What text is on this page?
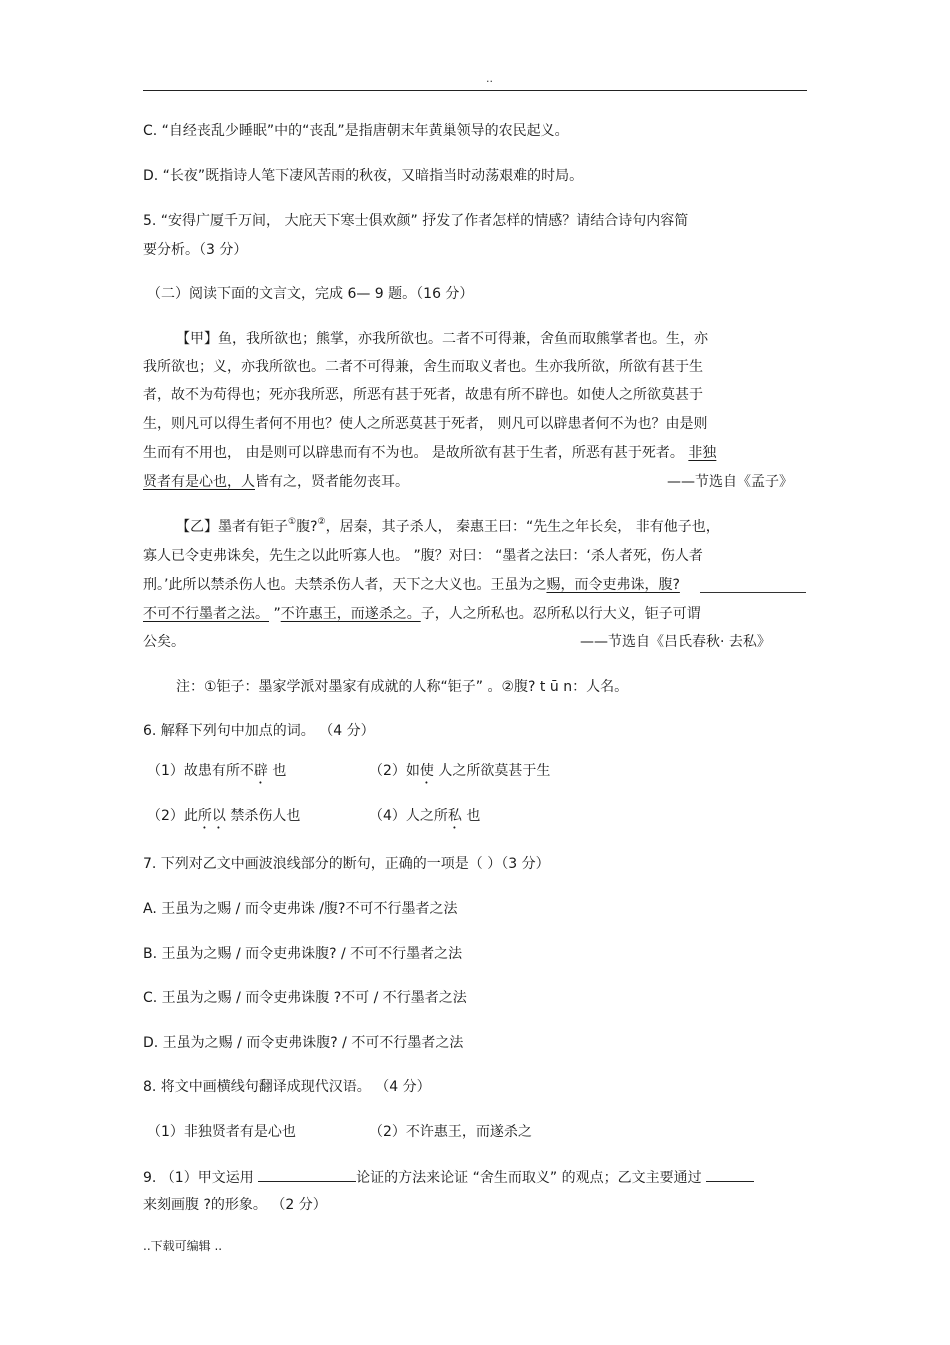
..
C. “自经丧乱少睡眠”中的“丧乱”是指唐朝末年黄巢领导的农民起义。
D. “长夜”既指诗人笔下凄风苦雨的秋夜，又暗指当时动荡艰难的时局。
5. “安得广厦千万间， 大庇天下寒士俱欢颜” 抒发了作者怎样的情感？请结合诗句内容简
要分析。（3 分）
（二）阅读下面的文言文，完成 6— 9 题。（16 分）
【甲】鱼，我所欲也；熊掌，亦我所欲也。二者不可得兼，舍鱼而取熊掌者也。生，亦
我所欲也；义，亦我所欲也。二者不可得兼，舍生而取义者也。生亦我所欲，所欲有甚于生
者，故不为苟得也；死亦我所恶，所恶有甚于死者，故患有所不辟也。如使人之所欲莫甚于
生，则凡可以得生者何不用也？使人之所恶莫甚于死者， 则凡可以辟患者何不为也？由是则
生而有不用也， 由是则可以辟患而有不为也。 是故所欲有甚于生者，所恶有甚于死者。 非独
贤者有是心也，人皆有之，贤者能勿丧耳。	——节选自《孟子》
【乙】墨者有钜子①腹?②，居秦，其子杀人， 秦惠王曰：“先生之年长矣， 非有他子也，
寡人已令吏弗诛矣，先生之以此听寡人也。 ”腹？对曰： “墨者之法曰：‘杀人者死，伤人者
刑。’此所以禁杀伤人也。夫禁杀伤人者，天下之大义也。王虽为之赐，而令吏弗诛，腹?
不可不行墨者之法。 ”不许惠王，而遂杀之。子，人之所私也。忍所私以行大义，钜子可谓
公矣。	——节选自《吕氏春秋· 去私》
注：①钜子：墨家学派对墨家有成就的人称“钜子” 。②腹? t ū n：人名。
6. 解释下列句中加点的词。 （4 分）
（1）故患有所不辟 也	（2）如使 人之所欲莫甚于生
（2）此所以 禁杀伤人也	（4）人之所私 也
7. 下列对乙文中画波浪线部分的断句，正确的一项是（ ）（3 分）
A. 王虽为之赐 / 而令吏弗诛 /腹?不可不行墨者之法
B. 王虽为之赐 / 而令吏弗诛腹? / 不可不行墨者之法
C. 王虽为之赐 / 而令吏弗诛腹 ?不可 / 不行墨者之法
D. 王虽为之赐 / 而令吏弗诛腹? / 不可不行墨者之法
8. 将文中画横线句翻译成现代汉语。 （4 分）
（1）非独贤者有是心也	（2）不许惠王，而遂杀之
9. （1）甲文运用	论证的方法来论证 “舍生而取义” 的观点；乙文主要通过
来刻画腹 ?的形象。 （2 分）
..下载可编辑 ..
